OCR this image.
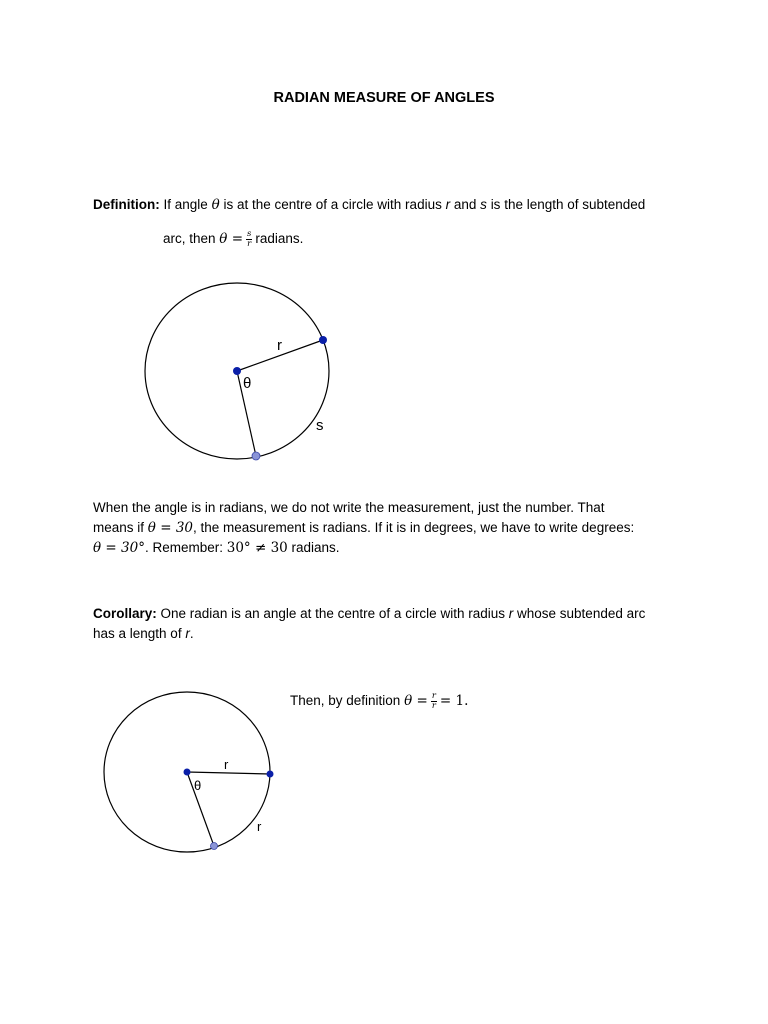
RADIAN MEASURE OF ANGLES
Definition: If angle θ is at the centre of a circle with radius r and s is the length of subtended
arc, then $\theta = \frac{s}{r}$ radians.
r
θ
s
When the angle is in radians, we do not write the measurement, just the number. That
means if θ = 30, the measurement is radians. If it is in degrees, we have to write degrees:
θ = 30°. Remember: 30° ≠ 30 radians.
Corollary: One radian is an angle at the centre of a circle with radius r whose subtended arc
has a length of r.
Then, by definition $\theta = \frac{r}{r} = 1$.
r
θ
r
